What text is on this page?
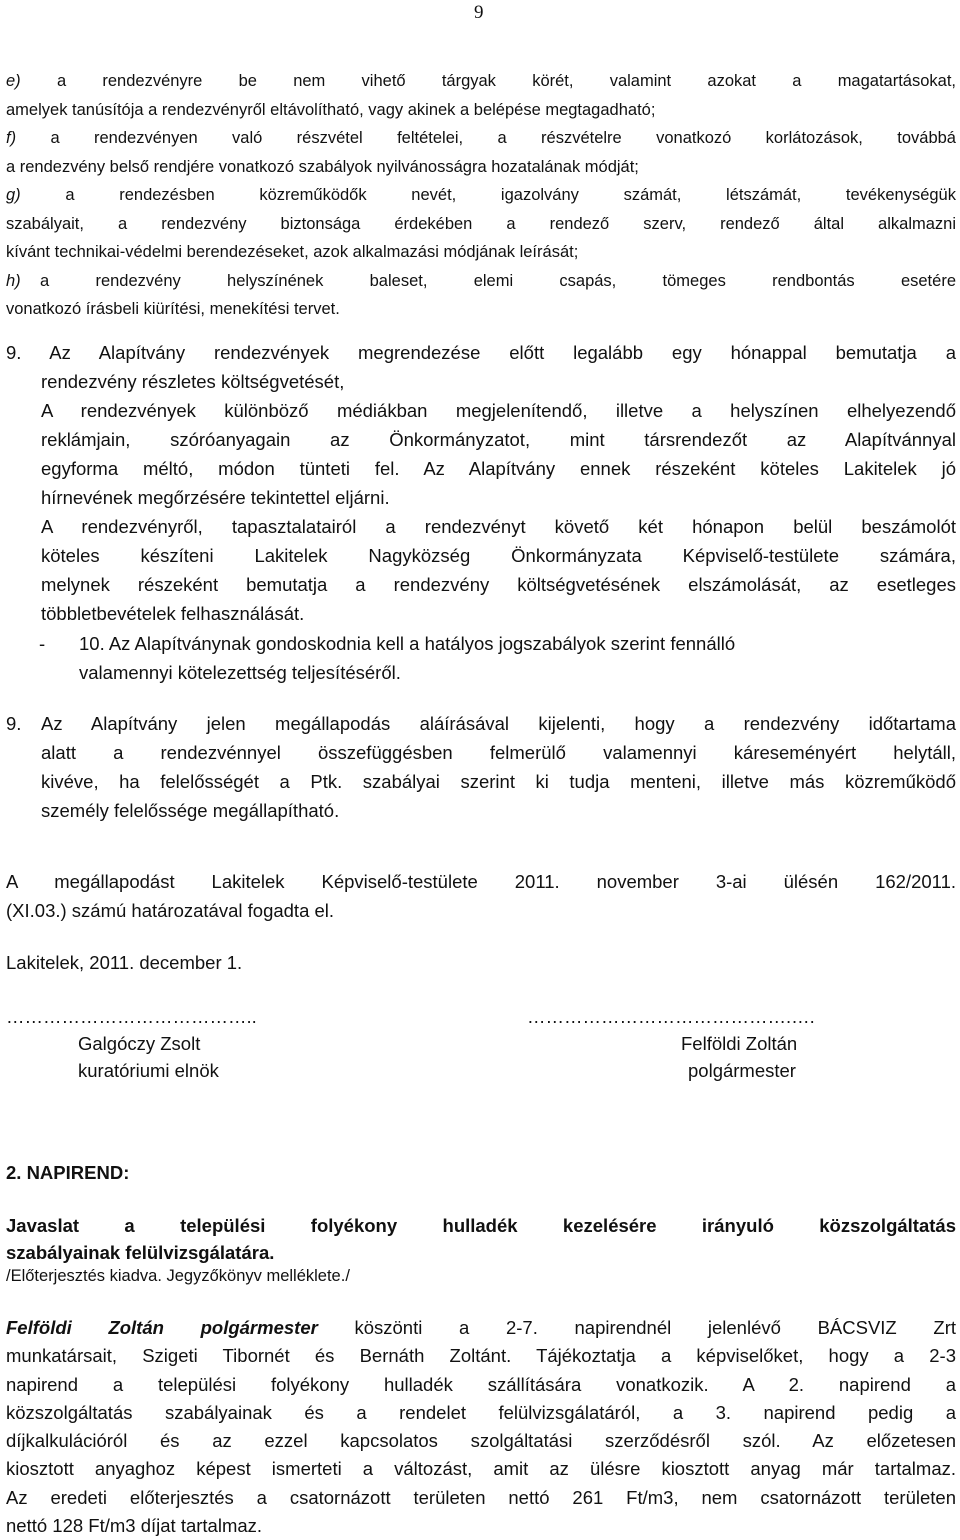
9
e) a rendezvényre be nem vihető tárgyak körét, valamint azokat a magatartásokat,
amelyek tanúsítója a rendezvényről eltávolítható, vagy akinek a belépése megtagadható;
f) a rendezvényen való részvétel feltételei, a részvételre vonatkozó korlátozások, továbbá
a rendezvény belső rendjére vonatkozó szabályok nyilvánosságra hozatalának módját;
g)	a rendezésben közreműködők nevét, igazolvány számát, létszámát, tevékenységük
szabályait, a rendezvény biztonsága érdekében a rendező szerv, rendező által alkalmazni
kívánt technikai-védelmi berendezéseket, azok alkalmazási módjának leírását;
h) a rendezvény helyszínének baleset, elemi csapás, tömeges rendbontás esetére
vonatkozó írásbeli kiürítési, menekítési tervet.
9. Az Alapítvány rendezvények megrendezése előtt legalább egy hónappal bemutatja a
rendezvény részletes költségvetését,
A rendezvények különböző médiákban megjelenítendő, illetve a helyszínen elhelyezendő
reklámjain, szóróanyagain az Önkormányzatot, mint társrendezőt az Alapítvánnyal
egyforma méltó, módon tünteti fel. Az Alapítvány ennek részeként köteles Lakitelek jó
hírnevének megőrzésére tekintettel eljárni.
A rendezvényről, tapasztalatairól a rendezvényt követő két hónapon belül beszámolót
köteles készíteni Lakitelek Nagyközség Önkormányzata Képviselő-testülete számára,
melynek részeként bemutatja a rendezvény költségvetésének elszámolását, az esetleges
többletbevételek felhasználását.
- 10. Az Alapítványnak gondoskodnia kell a hatályos jogszabályok szerint fennálló
valamennyi kötelezettség teljesítéséről.
9. Az Alapítvány jelen megállapodás aláírásával kijelenti, hogy a rendezvény időtartama
alatt a rendezvénnyel összefüggésben felmerülő valamennyi káreseményért helytáll,
kivéve, ha felelősségét a Ptk. szabályai szerint ki tudja menteni, illetve más közreműködő
személy felelőssége megállapítható.
A megállapodást Lakitelek Képviselő-testülete 2011. november 3-ai ülésén 162/2011.
(XI.03.) számú határozatával fogadta el.
Lakitelek, 2011. december 1.
…………………………………..
Galgóczy Zsolt
kuratóriumi elnök
…………………………………….….
Felföldi Zoltán
polgármester
2. NAPIREND:
Javaslat a települési folyékony hulladék kezelésére irányuló közszolgáltatás
szabályainak felülvizsgálatára.
/Előterjesztés kiadva. Jegyzőkönyv melléklete./
Felföldi Zoltán polgármester köszönti a 2-7. napirendnél jelenlévő BÁCSVIZ Zrt
munkatársait, Szigeti Tibornét és Bernáth Zoltánt. Tájékoztatja a képviselőket, hogy a 2-3
napirend a települési folyékony hulladék szállítására vonatkozik. A 2. napirend a
közszolgáltatás szabályainak és a rendelet felülvizsgálatáról, a 3. napirend pedig a
díjkalkulációról és az ezzel kapcsolatos szolgáltatási szerződésről szól. Az előzetesen
kiosztott anyaghoz képest ismerteti a változást, amit az ülésre kiosztott anyag már tartalmaz.
Az eredeti előterjesztés a csatornázott területen nettó 261 Ft/m3, nem csatornázott területen
nettó 128 Ft/m3 díjat tartalmaz.
